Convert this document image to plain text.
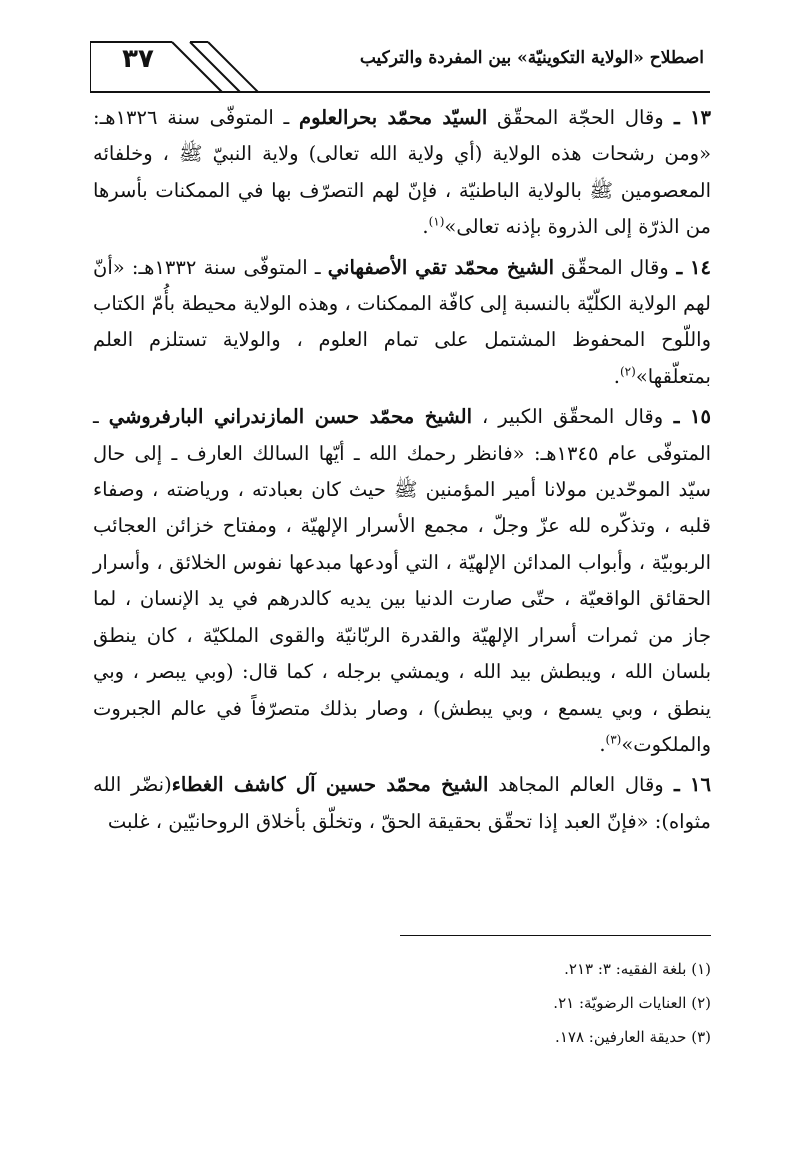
٣٧	اصطلاح «الولاية التكوينيّة» بين المفردة والتركيب

١٣ ـ وقال الحجّة المحقّق السيّد محمّد بحرالعلوم ـ المتوفّى سنة ١٣٢٦هـ: «ومن رشحات هذه الولاية (أي ولاية الله تعالى) ولاية النبيّ ﷺ ، وخلفائه المعصومين ﷺ بالولاية الباطنيّة ، فإنّ لهم التصرّف بها في الممكنات بأسرها من الذرّة إلى الذروة بإذنه تعالى»$^{(١)}$.

١٤ ـ وقال المحقّق الشيخ محمّد تقي الأصفهاني ـ المتوفّى سنة ١٣٣٢هـ: «أنّ لهم الولاية الكلّيّة بالنسبة إلى كافّة الممكنات ، وهذه الولاية محيطة بأُمّ الكتاب واللّوح المحفوظ المشتمل على تمام العلوم ، والولاية تستلزم العلم بمتعلّقها»$^{(٢)}$.

١٥ ـ وقال المحقّق الكبير ، الشيخ محمّد حسن المازندراني البارفروشي ـ المتوفّى عام ١٣٤٥هـ: «فانظر رحمك الله ـ أيّها السالك العارف ـ إلى حال سيّد الموحّدين مولانا أمير المؤمنين ﷺ حيث كان بعبادته ، ورياضته ، وصفاء قلبه ، وتذكّره لله عزّ وجلّ ، مجمع الأسرار الإلهيّة ، ومفتاح خزائن العجائب الربوبيّة ، وأبواب المدائن الإلهيّة ، التي أودعها مبدعها نفوس الخلائق ، وأسرار الحقائق الواقعيّة ، حتّى صارت الدنيا بين يديه كالدرهم في يد الإنسان ، لما جاز من ثمرات أسرار الإلهيّة والقدرة الربّانيّة والقوى الملكيّة ، كان ينطق بلسان الله ، ويبطش بيد الله ، ويمشي برجله ، كما قال: (وبي يبصر ، وبي ينطق ، وبي يسمع ، وبي يبطش) ، وصار بذلك متصرّفاً في عالم الجبروت والملكوت»$^{(٣)}$.

١٦ ـ وقال العالم المجاهد الشيخ محمّد حسين آل كاشف الغطاء(نضّر الله مثواه): «فإنّ العبد إذا تحقّق بحقيقة الحقّ ، وتخلّق بأخلاق الروحانيّين ، غلبت

(١) بلغة الفقيه: ٣: ٢١٣.
(٢) العنايات الرضويّة: ٢١.
(٣) حديقة العارفين: ١٧٨.
